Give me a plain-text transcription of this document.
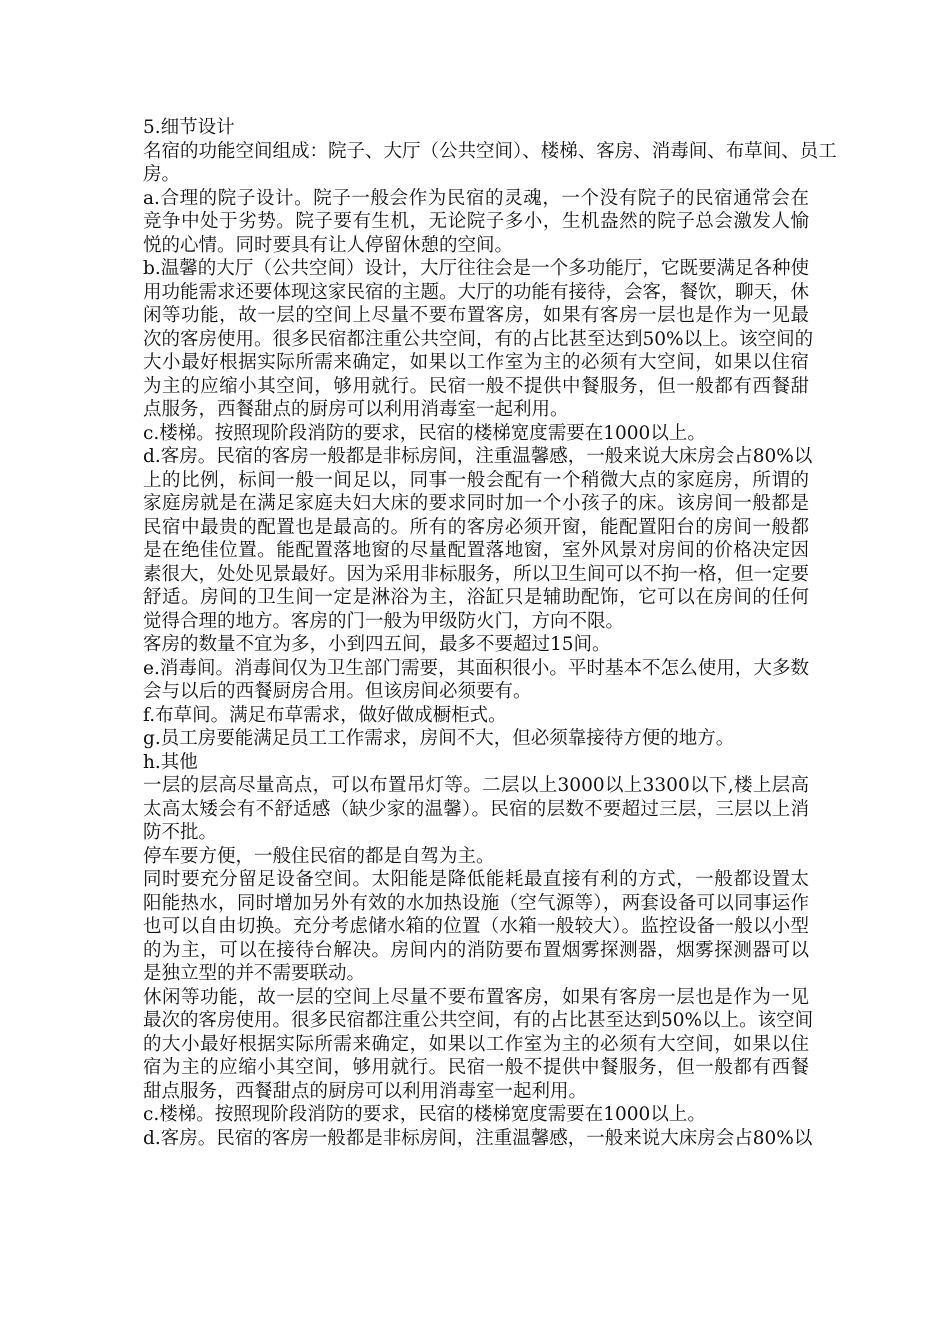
5.细节设计
名宿的功能空间组成：院子、大厅（公共空间）、楼梯、客房、消毒间、布草间、员工
房。
a.合理的院子设计。院子一般会作为民宿的灵魂，一个没有院子的民宿通常会在
竞争中处于劣势。院子要有生机，无论院子多小，生机盎然的院子总会激发人愉
悦的心情。同时要具有让人停留休憩的空间。
b.温馨的大厅（公共空间）设计，大厅往往会是一个多功能厅，它既要满足各种使
用功能需求还要体现这家民宿的主题。大厅的功能有接待，会客，餐饮，聊天，休
闲等功能，故一层的空间上尽量不要布置客房，如果有客房一层也是作为一见最
次的客房使用。很多民宿都注重公共空间，有的占比甚至达到50%以上。该空间的
大小最好根据实际所需来确定，如果以工作室为主的必须有大空间，如果以住宿
为主的应缩小其空间，够用就行。民宿一般不提供中餐服务，但一般都有西餐甜
点服务，西餐甜点的厨房可以利用消毒室一起利用。
c.楼梯。按照现阶段消防的要求，民宿的楼梯宽度需要在1000以上。
d.客房。民宿的客房一般都是非标房间，注重温馨感，一般来说大床房会占80%以
上的比例，标间一般一间足以，同事一般会配有一个稍微大点的家庭房，所谓的
家庭房就是在满足家庭夫妇大床的要求同时加一个小孩子的床。该房间一般都是
民宿中最贵的配置也是最高的。所有的客房必须开窗，能配置阳台的房间一般都
是在绝佳位置。能配置落地窗的尽量配置落地窗，室外风景对房间的价格决定因
素很大，处处见景最好。因为采用非标服务，所以卫生间可以不拘一格，但一定要
舒适。房间的卫生间一定是淋浴为主，浴缸只是辅助配饰，它可以在房间的任何
觉得合理的地方。客房的门一般为甲级防火门，方向不限。
客房的数量不宜为多，小到四五间，最多不要超过15间。
e.消毒间。消毒间仅为卫生部门需要，其面积很小。平时基本不怎么使用，大多数
会与以后的西餐厨房合用。但该房间必须要有。
f.布草间。满足布草需求，做好做成橱柜式。
g.员工房要能满足员工工作需求，房间不大，但必须靠接待方便的地方。
h.其他
一层的层高尽量高点，可以布置吊灯等。二层以上3000以上3300以下,楼上层高
太高太矮会有不舒适感（缺少家的温馨）。民宿的层数不要超过三层，三层以上消
防不批。
停车要方便，一般住民宿的都是自驾为主。
同时要充分留足设备空间。太阳能是降低能耗最直接有利的方式，一般都设置太
阳能热水，同时增加另外有效的水加热设施（空气源等），两套设备可以同事运作
也可以自由切换。充分考虑储水箱的位置（水箱一般较大）。监控设备一般以小型
的为主，可以在接待台解决。房间内的消防要布置烟雾探测器，烟雾探测器可以
是独立型的并不需要联动。
休闲等功能，故一层的空间上尽量不要布置客房，如果有客房一层也是作为一见
最次的客房使用。很多民宿都注重公共空间，有的占比甚至达到50%以上。该空间
的大小最好根据实际所需来确定，如果以工作室为主的必须有大空间，如果以住
宿为主的应缩小其空间，够用就行。民宿一般不提供中餐服务，但一般都有西餐
甜点服务，西餐甜点的厨房可以利用消毒室一起利用。
c.楼梯。按照现阶段消防的要求，民宿的楼梯宽度需要在1000以上。
d.客房。民宿的客房一般都是非标房间，注重温馨感，一般来说大床房会占80%以
